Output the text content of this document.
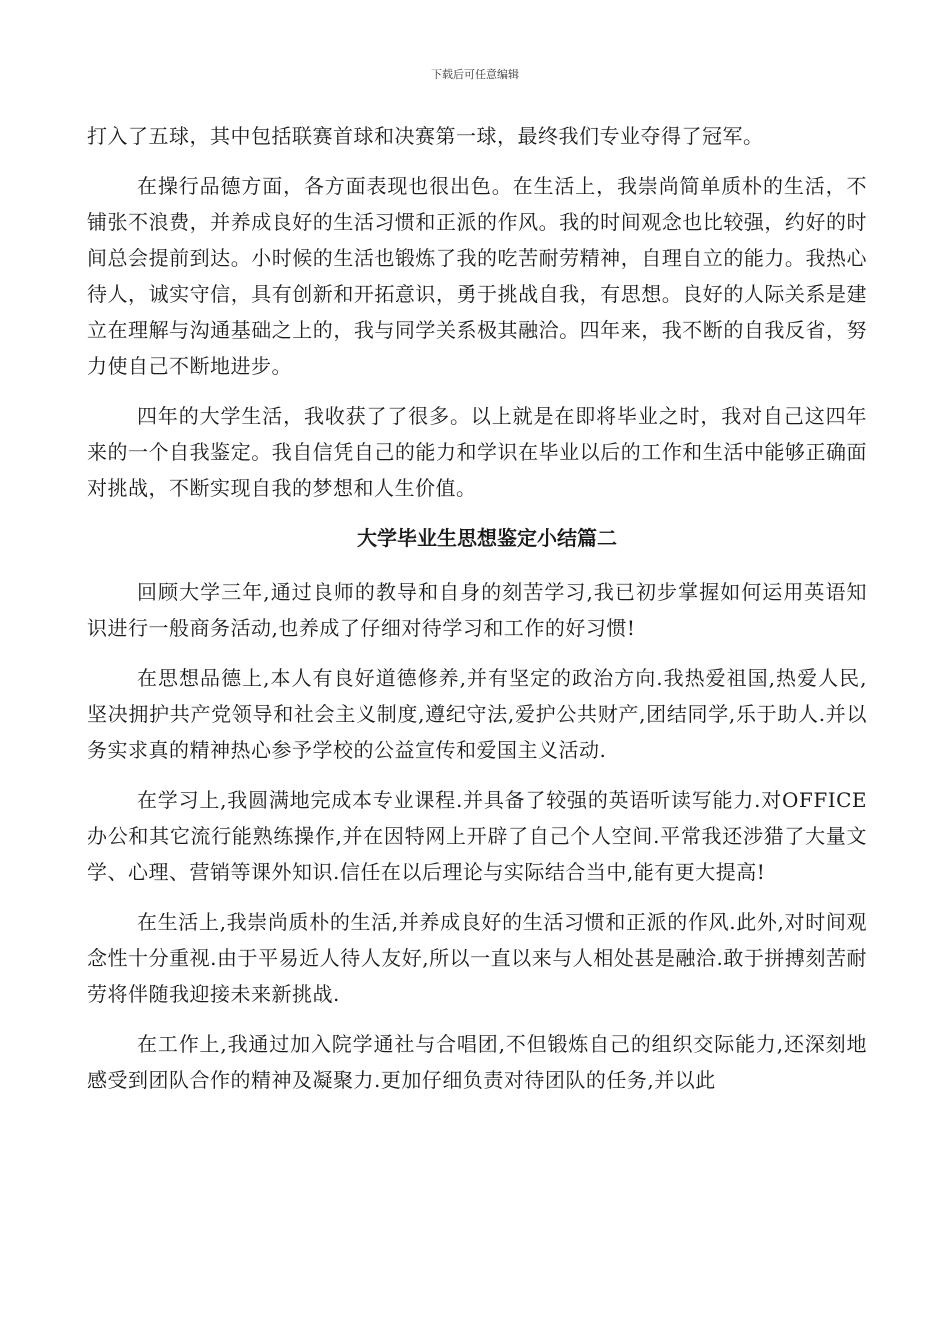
下载后可任意编辑

打入了五球，其中包括联赛首球和决赛第一球，最终我们专业夺得了冠军。

在操行品德方面，各方面表现也很出色。在生活上，我崇尚简单质朴的生活，不铺张不浪费，并养成良好的生活习惯和正派的作风。我的时间观念也比较强，约好的时间总会提前到达。小时候的生活也锻炼了我的吃苦耐劳精神，自理自立的能力。我热心待人，诚实守信，具有创新和开拓意识，勇于挑战自我，有思想。良好的人际关系是建立在理解与沟通基础之上的，我与同学关系极其融洽。四年来，我不断的自我反省，努力使自己不断地进步。

四年的大学生活，我收获了了很多。以上就是在即将毕业之时，我对自己这四年来的一个自我鉴定。我自信凭自己的能力和学识在毕业以后的工作和生活中能够正确面对挑战，不断实现自我的梦想和人生价值。

大学毕业生思想鉴定小结篇二

回顾大学三年,通过良师的教导和自身的刻苦学习,我已初步掌握如何运用英语知识进行一般商务活动,也养成了仔细对待学习和工作的好习惯!

在思想品德上,本人有良好道德修养,并有坚定的政治方向.我热爱祖国,热爱人民,坚决拥护共产党领导和社会主义制度,遵纪守法,爱护公共财产,团结同学,乐于助人.并以务实求真的精神热心参予学校的公益宣传和爱国主义活动.

在学习上,我圆满地完成本专业课程.并具备了较强的英语听读写能力.对OFFICE办公和其它流行能熟练操作,并在因特网上开辟了自己个人空间.平常我还涉猎了大量文学、心理、营销等课外知识.信任在以后理论与实际结合当中,能有更大提高!

在生活上,我崇尚质朴的生活,并养成良好的生活习惯和正派的作风.此外,对时间观念性十分重视.由于平易近人待人友好,所以一直以来与人相处甚是融洽.敢于拼搏刻苦耐劳将伴随我迎接未来新挑战.

在工作上,我通过加入院学通社与合唱团,不但锻炼自己的组织交际能力,还深刻地感受到团队合作的精神及凝聚力.更加仔细负责对待团队的任务,并以此
